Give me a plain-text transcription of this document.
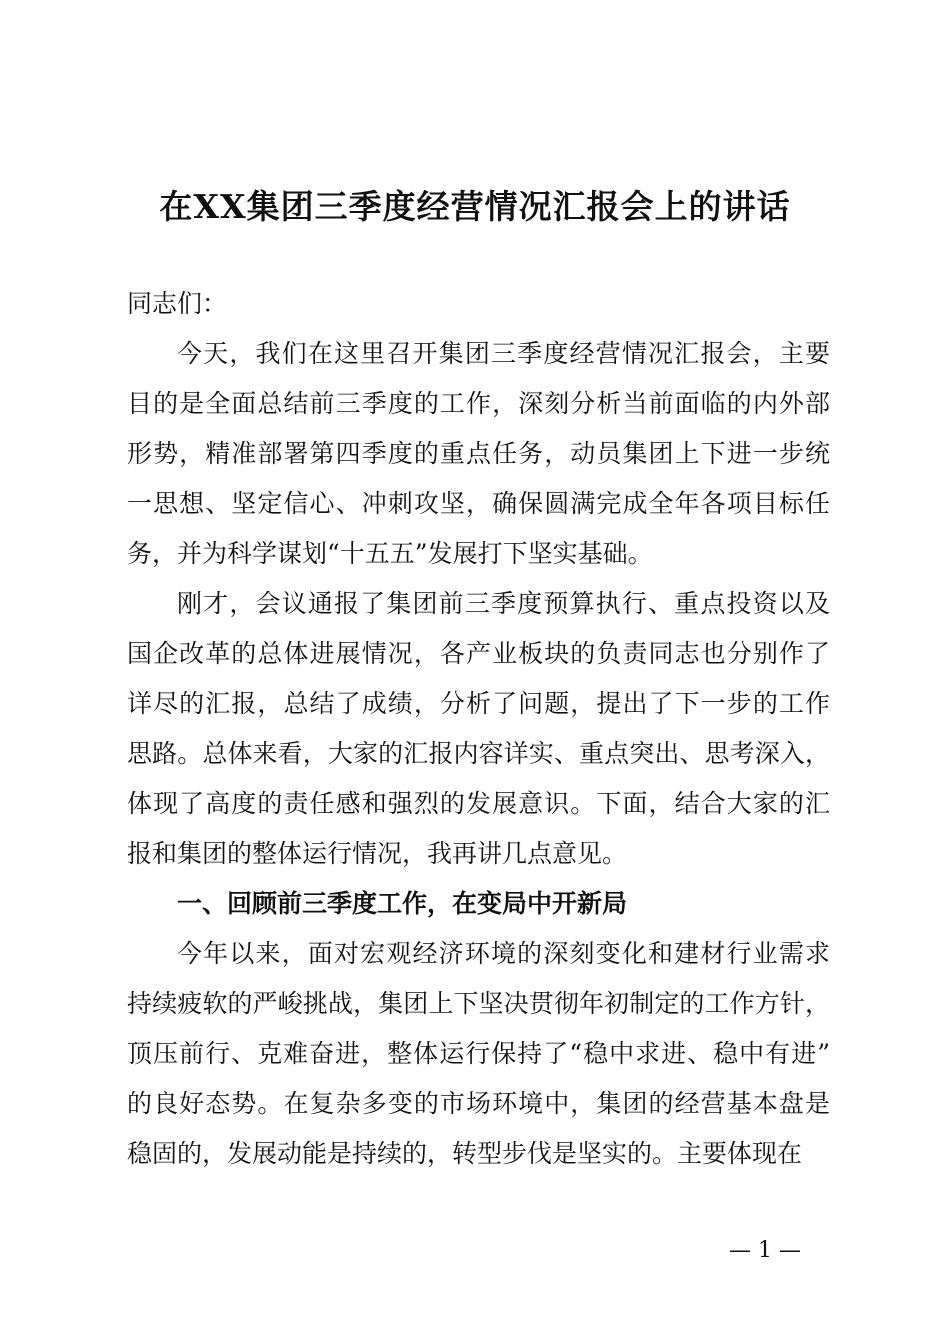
在XX集团三季度经营情况汇报会上的讲话
同志们：
今天，我们在这里召开集团三季度经营情况汇报会，主要
目的是全面总结前三季度的工作，深刻分析当前面临的内外部
形势，精准部署第四季度的重点任务，动员集团上下进一步统
一思想、坚定信心、冲刺攻坚，确保圆满完成全年各项目标任
务，并为科学谋划“十五五”发展打下坚实基础。
刚才，会议通报了集团前三季度预算执行、重点投资以及
国企改革的总体进展情况，各产业板块的负责同志也分别作了
详尽的汇报，总结了成绩，分析了问题，提出了下一步的工作
思路。总体来看，大家的汇报内容详实、重点突出、思考深入，
体现了高度的责任感和强烈的发展意识。下面，结合大家的汇
报和集团的整体运行情况，我再讲几点意见。
一、回顾前三季度工作，在变局中开新局
今年以来，面对宏观经济环境的深刻变化和建材行业需求
持续疲软的严峻挑战，集团上下坚决贯彻年初制定的工作方针，
顶压前行、克难奋进，整体运行保持了“稳中求进、稳中有进”
的良好态势。在复杂多变的市场环境中，集团的经营基本盘是
稳固的，发展动能是持续的，转型步伐是坚实的。主要体现在
— 1 —
